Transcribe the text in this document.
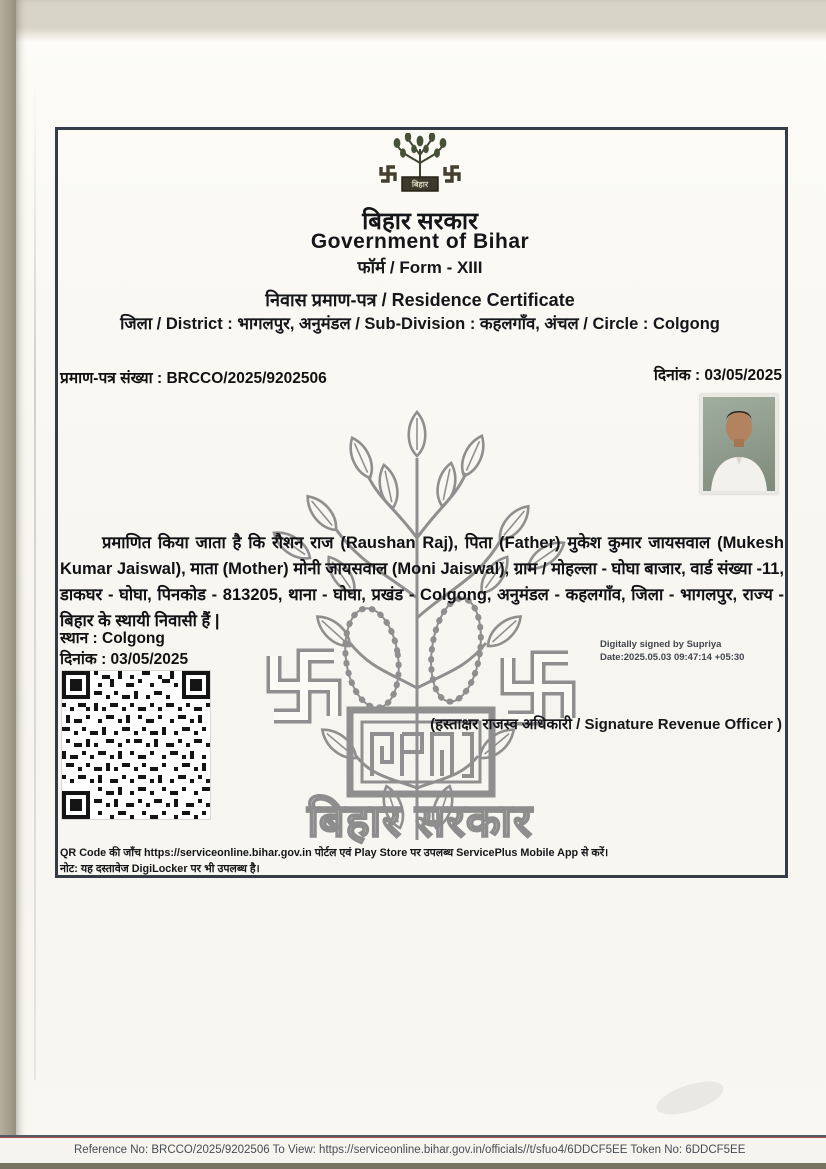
बिहार
बिहार सरकार
Government of Bihar
फॉर्म / Form - XIII
निवास प्रमाण-पत्र / Residence Certificate
जिला / District : भागलपुर, अनुमंडल / Sub-Division : कहलगाँव, अंचल / Circle : Colgong
प्रमाण-पत्र संख्या : BRCCO/2025/9202506	दिनांक : 03/05/2025
बिहार सरकार
प्रमाणित किया जाता है कि रौशन राज (Raushan Raj), पिता (Father) मुकेश कुमार जायसवाल (Mukesh Kumar Jaiswal), माता (Mother) मोनी जायसवाल (Moni Jaiswal), ग्राम / मोहल्ला - घोघा बाजार, वार्ड संख्या -11, डाकघर - घोघा, पिनकोड - 813205, थाना - घोघा, प्रखंड - Colgong, अनुमंडल - कहलगाँव, जिला - भागलपुर, राज्य - बिहार के स्थायी निवासी हैं |
स्थान : Colgong
दिनांक : 03/05/2025
Digitally signed by Supriya
Date:2025.05.03 09:47:14 +05:30
(हस्ताक्षर राजस्व अधिकारी / Signature Revenue Officer )
QR Code की जाँच https://serviceonline.bihar.gov.in पोर्टल एवं Play Store पर उपलब्ध ServicePlus Mobile App से करें।
नोट: यह दस्तावेज DigiLocker पर भी उपलब्ध है।
Reference No: BRCCO/2025/9202506 To View: https://serviceonline.bihar.gov.in/officials//t/sfuo4/6DDCF5EE Token No: 6DDCF5EE
